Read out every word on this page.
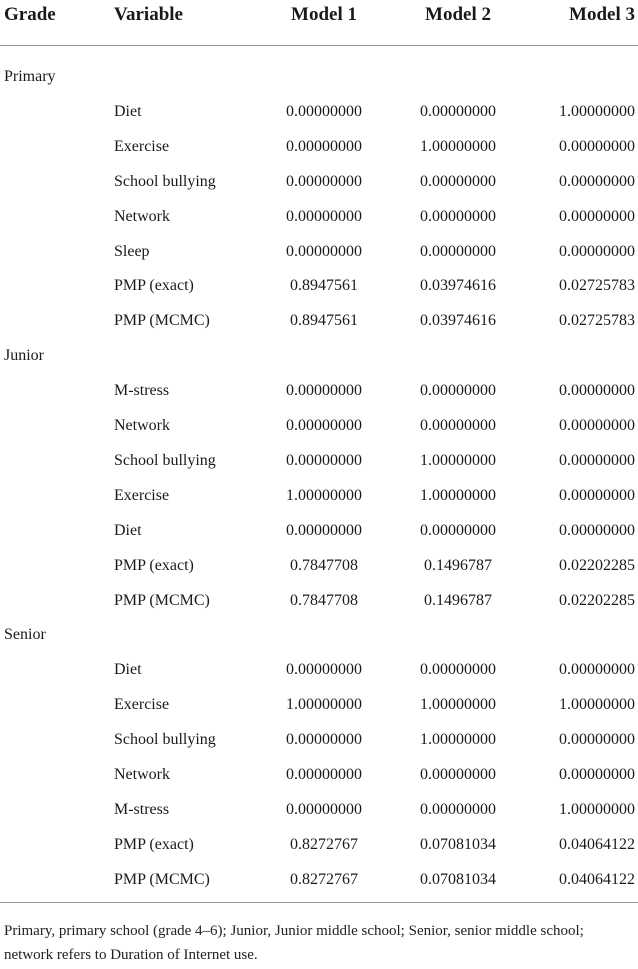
Grade	Variable	Model 1	Model 2	Model 3
Primary
Diet	0.00000000	0.00000000	1.00000000
Exercise	0.00000000	1.00000000	0.00000000
School bullying	0.00000000	0.00000000	0.00000000
Network	0.00000000	0.00000000	0.00000000
Sleep	0.00000000	0.00000000	0.00000000
PMP (exact)	0.8947561	0.03974616	0.02725783
PMP (MCMC)	0.8947561	0.03974616	0.02725783
Junior
M-stress	0.00000000	0.00000000	0.00000000
Network	0.00000000	0.00000000	0.00000000
School bullying	0.00000000	1.00000000	0.00000000
Exercise	1.00000000	1.00000000	0.00000000
Diet	0.00000000	0.00000000	0.00000000
PMP (exact)	0.7847708	0.1496787	0.02202285
PMP (MCMC)	0.7847708	0.1496787	0.02202285
Senior
Diet	0.00000000	0.00000000	0.00000000
Exercise	1.00000000	1.00000000	1.00000000
School bullying	0.00000000	1.00000000	0.00000000
Network	0.00000000	0.00000000	0.00000000
M-stress	0.00000000	0.00000000	1.00000000
PMP (exact)	0.8272767	0.07081034	0.04064122
PMP (MCMC)	0.8272767	0.07081034	0.04064122
Primary, primary school (grade 4–6); Junior, Junior middle school; Senior, senior middle school; network refers to Duration of Internet use.
